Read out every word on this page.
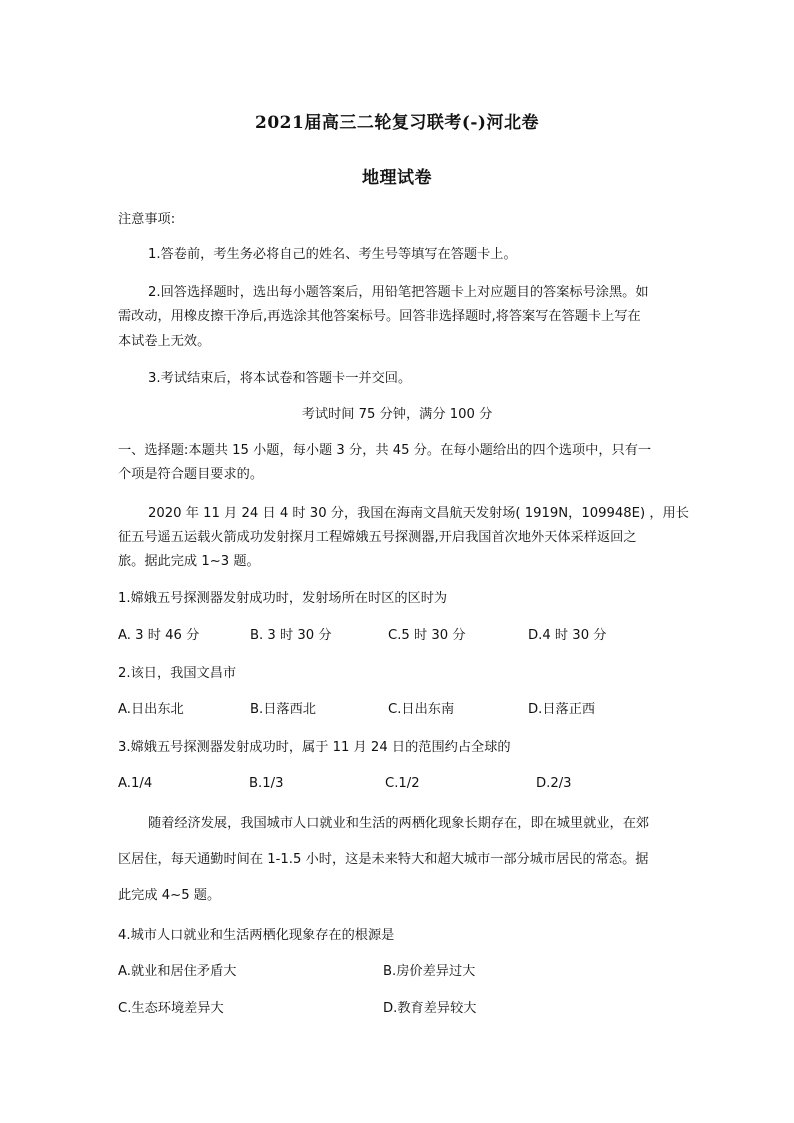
2021届高三二轮复习联考(-)河北卷
地理试卷
注意事项:
1.答卷前，考生务必将自己的姓名、考生号等填写在答题卡上。
2.回答选择题时，选出每小题答案后，用铅笔把答题卡上对应题目的答案标号涂黑。如
需改动，用橡皮擦干净后,再选涂其他答案标号。回答非选择题时,将答案写在答题卡上写在
本试卷上无效。
3.考试结束后，将本试卷和答题卡一并交回。
考试时间 75 分钟，满分 100 分
一、选择题:本题共 15 小题，每小题 3 分，共 45 分。在每小题给出的四个选项中，只有一
个项是符合题目要求的。
2020 年 11 月 24 日 4 时 30 分，我国在海南文昌航天发射场( 1919N，109948E) ，用长
征五号遥五运载火箭成功发射探月工程嫦娥五号探测器,开启我国首次地外天体采样返回之
旅。据此完成 1~3 题。
1.嫦娥五号探测器发射成功时，发射场所在时区的区时为
A. 3 时 46 分	B. 3 时 30 分	C.5 时 30 分	D.4 时 30 分
2.该日，我国文昌市
A.日出东北	B.日落西北	C.日出东南	D.日落正西
3.嫦娥五号探测器发射成功时，属于 11 月 24 日的范围约占全球的
A.1/4	B.1/3	C.1/2	D.2/3
随着经济发展，我国城市人口就业和生活的两栖化现象长期存在，即在城里就业，在郊
区居住，每天通勤时间在 1-1.5 小时，这是未来特大和超大城市一部分城市居民的常态。据
此完成 4~5 题。
4.城市人口就业和生活两栖化现象存在的根源是
A.就业和居住矛盾大	B.房价差异过大
C.生态环境差异大	D.教育差异较大
